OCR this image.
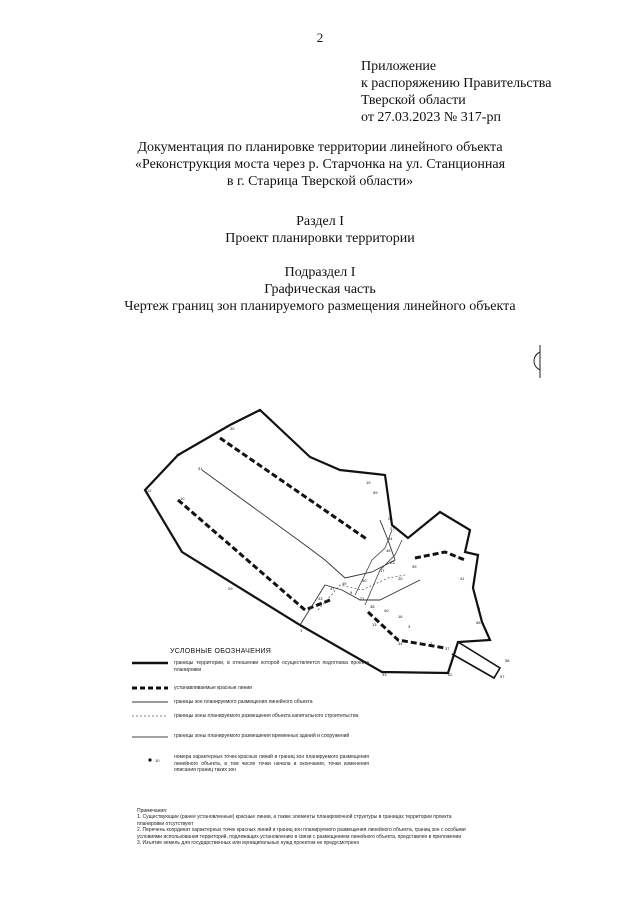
2
Приложение
к распоряжению Правительства
Тверской области
от 27.03.2023 № 317-рп
Документация по планировке территории линейного объекта
«Реконструкция моста через р. Старчонка на ул. Станционная
в г. Старица Тверской области»
Раздел I
Проект планировки территории
Подраздел I
Графическая часть
Чертеж границ зон планируемого размещения линейного объекта
8
30
11
12
31
10
29
13
1
33
34
19
59
22
27
44
45
23
17
50
49
47
43
9
20
21
38
40
16
3
2
37
41
5
6
56
58
57
52
39
10
УСЛОВНЫЕ ОБОЗНАЧЕНИЯ
границы территории, в отношении которой осуществляется подготовка проекта планировки
устанавливаемые красные линии
границы зон планируемого размещения линейного объекта
границы зоны планируемого размещения объекта капитального строительства
границы зоны планируемого размещения временных зданий и сооружений
номера характерных точек красных линий и границ зон планируемого размещения линейного объекта, в том числе точки начала и окончания, точки изменения описания границ таких зон
Примечания:
1. Существующие (ранее установленные) красные линии, а также элементы планировочной структуры в границах территории проекта планировки отсутствуют
2. Перечень координат характерных точек красных линий и границ зон планируемого размещения линейного объекта, границ зон с особыми условиями использования территорий, подлежащих установлению в связи с размещением линейного объекта, представлен в приложении
3. Изъятие земель для государственных или муниципальных нужд проектом не предусмотрено
